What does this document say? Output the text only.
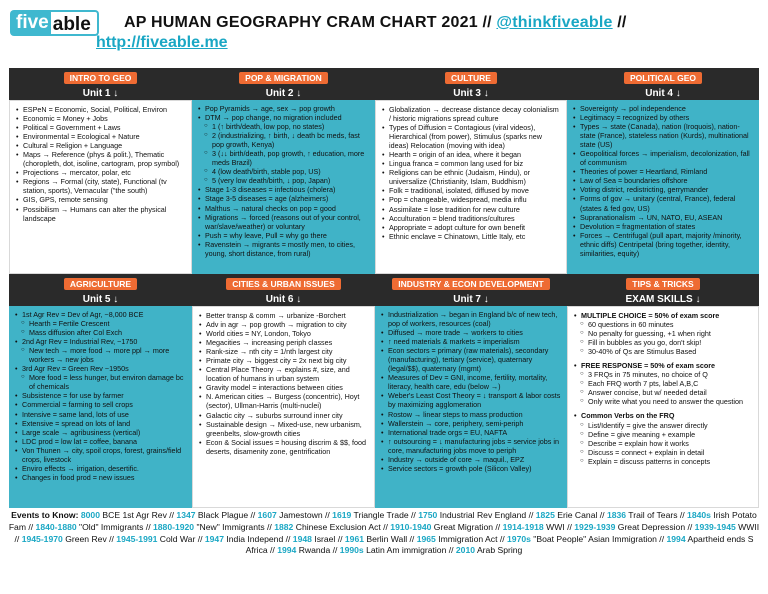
five able	AP HUMAN GEOGRAPHY CRAM CHART 2021 // @thinkfiveable //
http://fiveable.me
INTRO TO GEO
Unit 1 ↓
POP & MIGRATION
Unit 2 ↓
CULTURE
Unit 3 ↓
POLITICAL GEO
Unit 4 ↓
• ESPeN = Economic, Social, Political, Environ
• Economic = Money + Jobs
• Political = Government + Laws
• Environmental = Ecological + Nature
• Cultural = Religion + Language
• Maps → Reference (phys & polit.), Thematic (choropleth, dot, isoline, cartogram, prop symbol)
• Projections → mercator, polar, etc
• Regions → Formal (city, state), Functional (tv station, sports), Vernacular ("the south)
• GIS, GPS, remote sensing
• Possibilism → Humans can alter the physical landscape
• Pop Pyramids → age, sex → pop growth
• DTM → pop change, no migration included
○ 1 (↑ birth/death, low pop, no states)
○ 2 (industrializing, ↑ birth, ↓ death bc meds, fast pop growth, Kenya)
○ 3 (↓↓ birth/death, pop growth, ↑ education, more meds Brazil)
○ 4 (low death/birth, stable pop, US)
○ 5 (very low death/birth, ↓ pop, Japan)
• Stage 1-3 diseases = infectious (cholera)
• Stage 3-5 diseases = age (alzheimers)
• Malthus → natural checks on pop = good
• Migrations → forced (reasons out of your control, war/slave/weather) or voluntary
• Push = why leave, Pull = why go there
• Ravenstein → migrants = mostly men, to cities, young, short distance, from rural)
• Globalization → decrease distance decay colonialism / historic migrations spread culture
• Types of Diffusion = Contagious (viral videos), Hierarchical (from power), Stimulus (sparks new ideas) Relocation (moving with idea)
• Hearth = origin of an idea, where it began
• Lingua franca = common lang used for biz
• Religions can be ethnic (Judaism, Hindu), or universalize (Christianity, Islam, Buddhism)
• Folk = traditional, isolated, diffused by move
• Pop = changeable, widespread, media influ
• Assimilate = lose tradition for new culture
• Acculturation = blend traditions/cultures
• Appropriate = adopt culture for own benefit
• Ethnic enclave = Chinatown, Little Italy, etc
• Sovereignty → pol independence
• Legitimacy = recognized by others
• Types → state (Canada), nation (Iroquois), nation-state (France), stateless nation (Kurds), multinational state (US)
• Geopolitical forces → imperialism, decolonization, fall of communism
• Theories of power = Heartland, Rimland
• Law of Sea = boundaries offshore
• Voting district, redistricting, gerrymander
• Forms of gov → unitary (central, France), federal (states & fed gov, US)
• Supranationalism → UN, NATO, EU, ASEAN
• Devolution = fragmentation of states
• Forces → Centrifugal (pull apart, majority /minority, ethnic diffs) Centripetal (bring together, identity, similarities, equity)
AGRICULTURE
Unit 5 ↓
CITIES & URBAN ISSUES
Unit 6 ↓
INDUSTRY & ECON DEVELOPMENT
Unit 7 ↓
TIPS & TRICKS
EXAM SKILLS ↓
• 1st Agr Rev = Dev of Agr, ~8,000 BCE
○ Hearth = Fertile Crescent
○ Mass diffusion after Col Exch
• 2nd Agr Rev = Industrial Rev, ~1750
○ New tech → more food → more ppl → more workers → new jobs
• 3rd Agr Rev = Green Rev ~1950s
○ More food = less hunger, but environ damage bc of chemicals
• Subsistence = for use by farmer
• Commercial = farming to sell crops
• Intensive = same land, lots of use
• Extensive = spread on lots of land
• Large scale → agribusiness (vertical)
• LDC prod = low lat = coffee, banana
• Von Thunen → city, spoil crops, forest, grains/field crops, livestock
• Enviro effects → irrigation, desertific.
• Changes in food prod = new issues
• Better transp & comm → urbanize -Borchert
• Adv in agr → pop growth → migration to city
• World cities = NY, London, Tokyo
• Megacities → increasing periph classes
• Rank-size → nth city = 1/nth largest city
• Primate city → biggest city = 2x next big city
• Central Place Theory → explains #, size, and location of humans in urban system
• Gravity model = interactions between cities
• N. American cities → Burgess (concentric), Hoyt (sector), Ullman-Harris (multi-nuclei)
• Galactic city → suburbs surround inner city
• Sustainable design → Mixed-use, new urbanism, greenbelts, slow-growth cities
• Econ & Social issues = housing discrim & $$, food deserts, disamenity zone, gentrification
• Industrialization → began in England b/c of new tech, pop of workers, resources (coal)
• Diffused → more trade → workers to cities
• ↑ need materials & markets = imperialism
• Econ sectors = primary (raw materials), secondary (manufacturing), tertiary (service), quaternary (legal/$$), quaternary (mgmt)
• Measures of Dev = GNI, income, fertility, mortality, literacy, health care, edu (below →)
• Weber's Least Cost Theory = ↓ transport & labor costs by maximizing agglomeration
• Rostow → linear steps to mass production
• Wallerstein → core, periphery, semi-periph
• International trade orgs = EU, NAFTA
• ↑ outsourcing = ↓ manufacturing jobs = service jobs in core, manufacturing jobs move to periph
• Industry → outside of core → maquil., EPZ
• Service sectors = growth pole (Silicon Valley)
• MULTIPLE CHOICE = 50% of exam score
○ 60 questions in 60 minutes
○ No penalty for guessing, +1 when right
○ Fill in bubbles as you go, don't skip!
○ 30-40% of Qs are Stimulus Based
• FREE RESPONSE = 50% of exam score
○ 3 FRQs in 75 minutes, no choice of Q
○ Each FRQ worth 7 pts, label A,B,C
○ Answer concise, but w/ needed detail
○ Only write what you need to answer the question
• Common Verbs on the FRQ
○ List/Identify = give the answer directly
○ Define = give meaning + example
○ Describe = explain how it works
○ Discuss = connect + explain in detail
○ Explain = discuss patterns in concepts
Events to Know: 8000 BCE 1st Agr Rev // 1347 Black Plague // 1607 Jamestown // 1619 Triangle Trade // 1750 Industrial Rev England // 1825 Erie Canal // 1836 Trail of Tears // 1840s Irish Potato Fam // 1840-1880 "Old" Immigrants // 1880-1920 "New" Immigrants // 1882 Chinese Exclusion Act // 1910-1940 Great Migration // 1914-1918 WWI // 1929-1939 Great Depression // 1939-1945 WWII // 1945-1970 Green Rev // 1945-1991 Cold War // 1947 India Independ // 1948 Israel // 1961 Berlin Wall // 1965 Immigration Act // 1970s "Boat People" Asian Immigration // 1994 Apartheid ends S Africa // 1994 Rwanda // 1990s Latin Am immigration // 2010 Arab Spring
